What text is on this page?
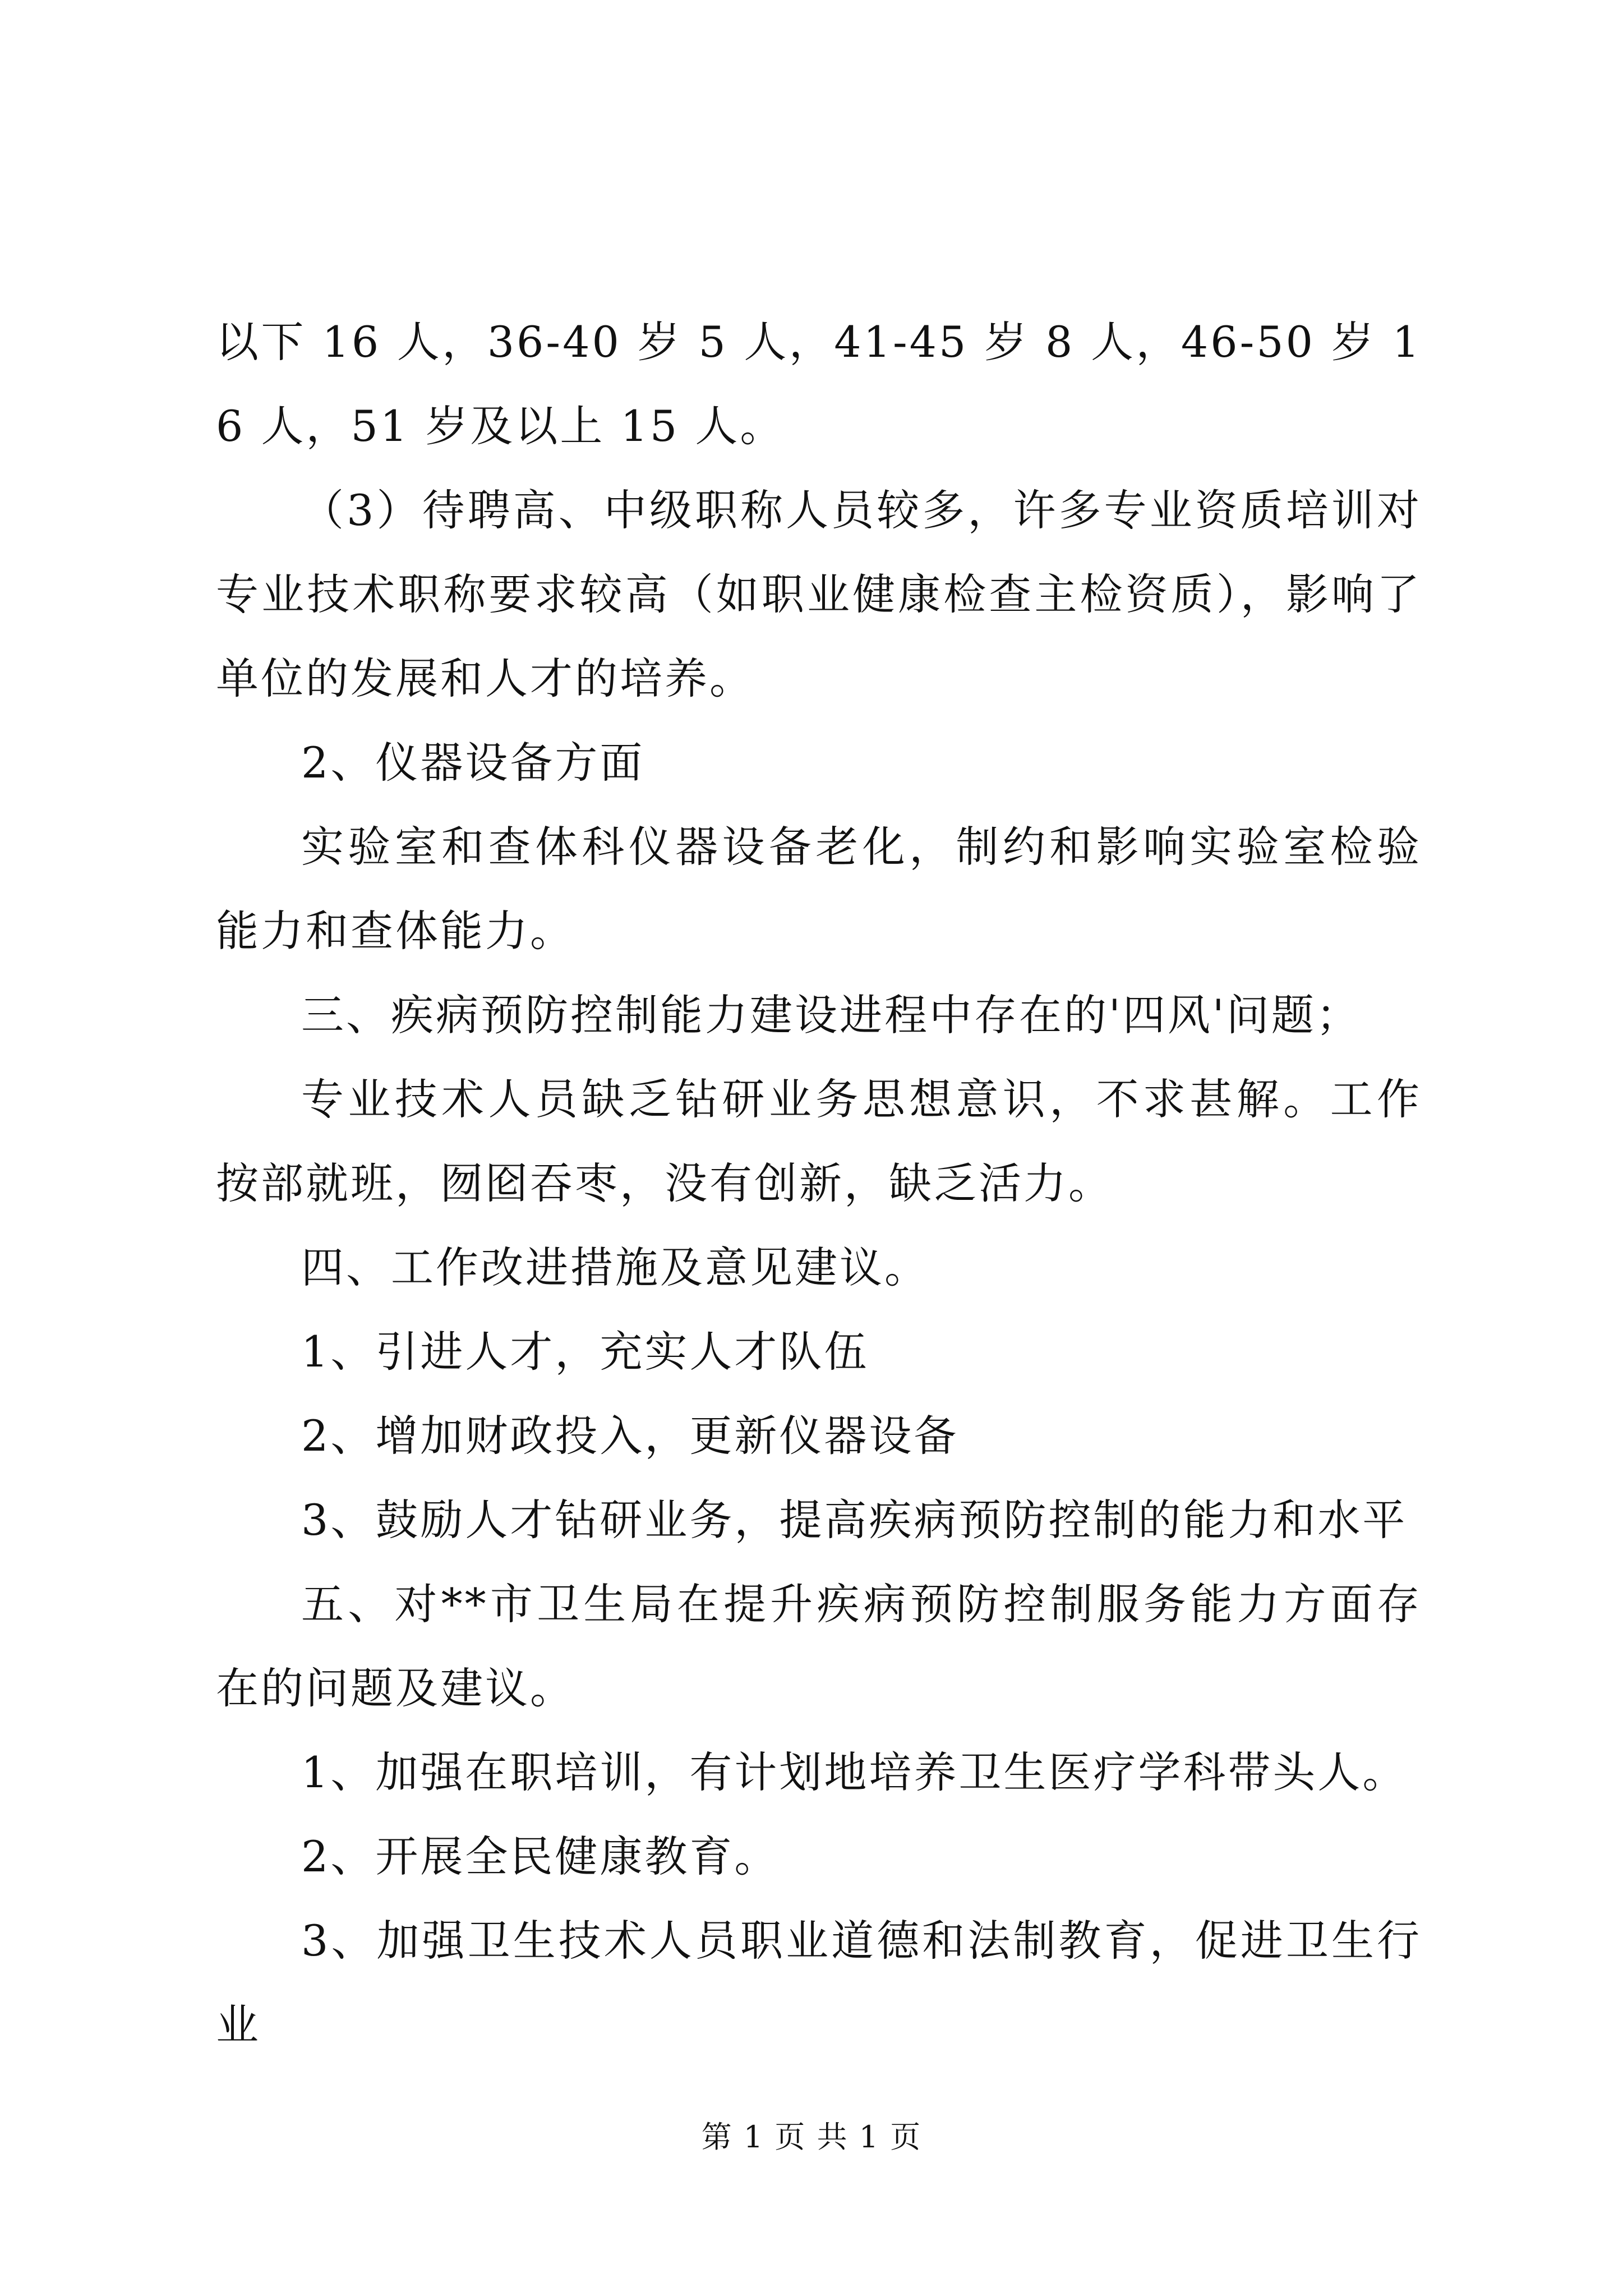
以下 16 人，36-40 岁 5 人，41-45 岁 8 人，46-50 岁 16 人，51 岁及以上 15 人。

（3）待聘高、中级职称人员较多，许多专业资质培训对专业技术职称要求较高（如职业健康检查主检资质），影响了单位的发展和人才的培养。

2、仪器设备方面

实验室和查体科仪器设备老化，制约和影响实验室检验能力和查体能力。

三、疾病预防控制能力建设进程中存在的'四风'问题；

专业技术人员缺乏钻研业务思想意识，不求甚解。工作按部就班，囫囵吞枣，没有创新，缺乏活力。

四、工作改进措施及意见建议。

1、引进人才，充实人才队伍

2、增加财政投入，更新仪器设备

3、鼓励人才钻研业务，提高疾病预防控制的能力和水平

五、对**市卫生局在提升疾病预防控制服务能力方面存在的问题及建议。

1、加强在职培训，有计划地培养卫生医疗学科带头人。

2、开展全民健康教育。

3、加强卫生技术人员职业道德和法制教育，促进卫生行业

第 1 页 共 1 页
